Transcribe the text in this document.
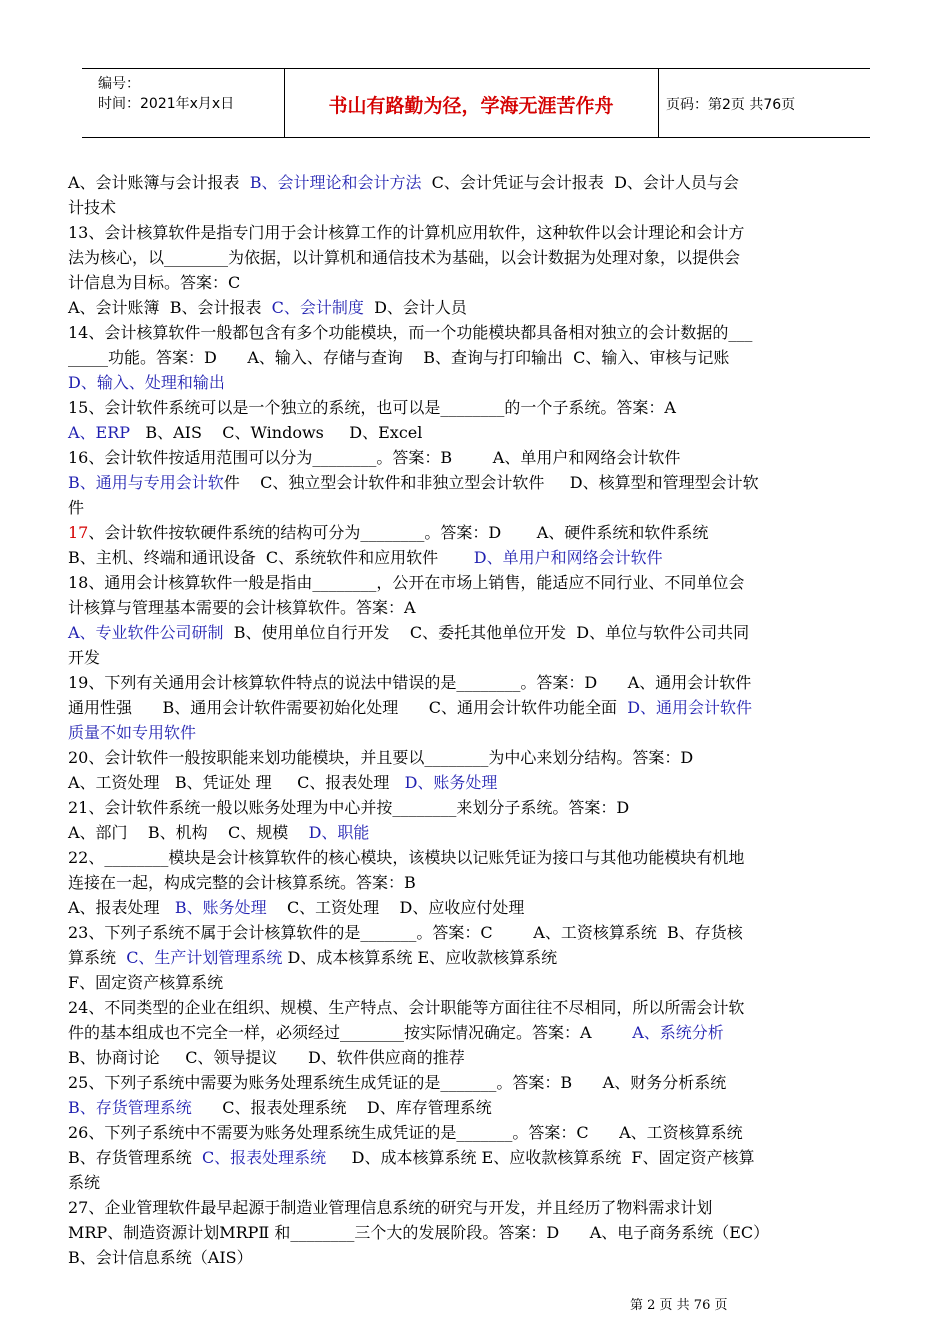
编号：
时间：2021年x月x日	书山有路勤为径，学海无涯苦作舟	页码：第2页 共76页
A、会计账簿与会计报表  B、会计理论和会计方法  C、会计凭证与会计报表  D、会计人员与会
计技术
13、会计核算软件是指专门用于会计核算工作的计算机应用软件，这种软件以会计理论和会计方
法为核心，以________为依据，以计算机和通信技术为基础，以会计数据为处理对象，以提供会
计信息为目标。答案：C
A、会计账簿  B、会计报表  C、会计制度  D、会计人员
14、会计核算软件一般都包含有多个功能模块，而一个功能模块都具备相对独立的会计数据的___
_____功能。答案：D      A、输入、存储与查询    B、查询与打印输出  C、输入、审核与记账
D、输入、处理和输出
15、会计软件系统可以是一个独立的系统，也可以是________的一个子系统。答案：A
A、ERP   B、AIS    C、Windows     D、Excel
16、会计软件按适用范围可以分为________。答案：B        A、单用户和网络会计软件
B、通用与专用会计软件    C、独立型会计软件和非独立型会计软件     D、核算型和管理型会计软
件
17、会计软件按软硬件系统的结构可分为________。答案：D       A、硬件系统和软件系统
B、主机、终端和通讯设备  C、系统软件和应用软件       D、单用户和网络会计软件
18、通用会计核算软件一般是指由________，公开在市场上销售，能适应不同行业、不同单位会
计核算与管理基本需要的会计核算软件。答案：A
A、专业软件公司研制  B、使用单位自行开发    C、委托其他单位开发  D、单位与软件公司共同
开发
19、下列有关通用会计核算软件特点的说法中错误的是________。答案：D      A、通用会计软件
通用性强      B、通用会计软件需要初始化处理      C、通用会计软件功能全面  D、通用会计软件
质量不如专用软件
20、会计软件一般按职能来划功能模块，并且要以________为中心来划分结构。答案：D
A、工资处理   B、凭证处 理     C、报表处理   D、账务处理
21、会计软件系统一般以账务处理为中心并按________来划分子系统。答案：D
A、部门    B、机构    C、规模    D、职能
22、________模块是会计核算软件的核心模块，该模块以记账凭证为接口与其他功能模块有机地
连接在一起，构成完整的会计核算系统。答案：B
A、报表处理   B、账务处理    C、工资处理    D、应收应付处理
23、下列子系统不属于会计核算软件的是_______。答案：C        A、工资核算系统  B、存货核
算系统  C、生产计划管理系统 D、成本核算系统 E、应收款核算系统
F、固定资产核算系统
24、不同类型的企业在组织、规模、生产特点、会计职能等方面往往不尽相同，所以所需会计软
件的基本组成也不完全一样，必须经过________按实际情况确定。答案：A        A、系统分析
B、协商讨论     C、领导提议      D、软件供应商的推荐
25、下列子系统中需要为账务处理系统生成凭证的是_______。答案：B      A、财务分析系统
B、存货管理系统      C、报表处理系统    D、库存管理系统
26、下列子系统中不需要为账务处理系统生成凭证的是_______。答案：C      A、工资核算系统
B、存货管理系统  C、报表处理系统     D、成本核算系统 E、应收款核算系统  F、固定资产核算
系统
27、企业管理软件最早起源于制造业管理信息系统的研究与开发，并且经历了物料需求计划
MRP、制造资源计划MRPⅡ 和________三个大的发展阶段。答案：D      A、电子商务系统（EC）
B、会计信息系统（AIS）
第 2 页 共 76 页
